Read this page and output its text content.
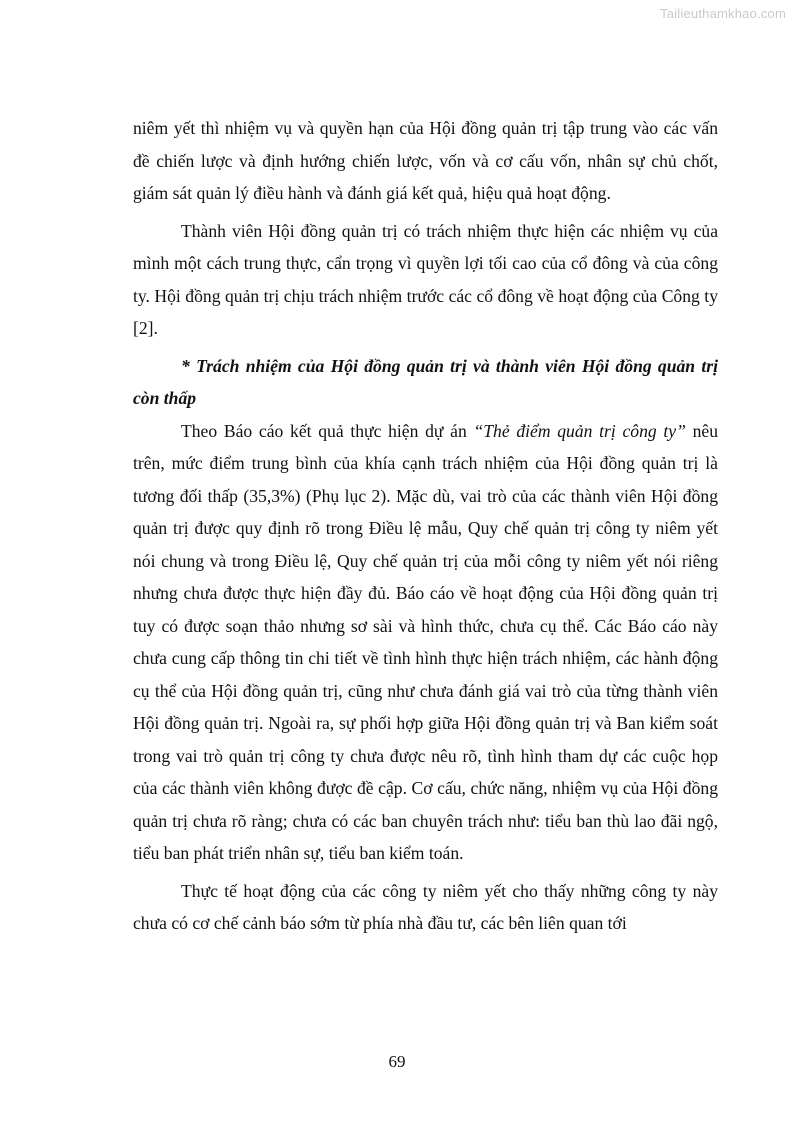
Tailieuthamkhao.com

niêm yết thì nhiệm vụ và quyền hạn của Hội đồng quản trị tập trung vào các vấn đề chiến lược và định hướng chiến lược, vốn và cơ cấu vốn, nhân sự chủ chốt, giám sát quản lý điều hành và đánh giá kết quả, hiệu quả hoạt động.

Thành viên Hội đồng quản trị có trách nhiệm thực hiện các nhiệm vụ của mình một cách trung thực, cẩn trọng vì quyền lợi tối cao của cổ đông và của công ty. Hội đồng quản trị chịu trách nhiệm trước các cổ đông về hoạt động của Công ty [2].

* Trách nhiệm của Hội đồng quản trị và thành viên Hội đồng quản trị còn thấp

Theo Báo cáo kết quả thực hiện dự án “Thẻ điểm quản trị công ty” nêu trên, mức điểm trung bình của khía cạnh trách nhiệm của Hội đồng quản trị là tương đối thấp (35,3%) (Phụ lục 2). Mặc dù, vai trò của các thành viên Hội đồng quản trị được quy định rõ trong Điều lệ mẫu, Quy chế quản trị công ty niêm yết nói chung và trong Điều lệ, Quy chế quản trị của mỗi công ty niêm yết nói riêng nhưng chưa được thực hiện đầy đủ. Báo cáo về hoạt động của Hội đồng quản trị tuy có được soạn thảo nhưng sơ sài và hình thức, chưa cụ thể. Các Báo cáo này chưa cung cấp thông tin chi tiết về tình hình thực hiện trách nhiệm, các hành động cụ thể của Hội đồng quản trị, cũng như chưa đánh giá vai trò của từng thành viên Hội đồng quản trị. Ngoài ra, sự phối hợp giữa Hội đồng quản trị và Ban kiểm soát trong vai trò quản trị công ty chưa được nêu rõ, tình hình tham dự các cuộc họp của các thành viên không được đề cập. Cơ cấu, chức năng, nhiệm vụ của Hội đồng quản trị chưa rõ ràng; chưa có các ban chuyên trách như: tiểu ban thù lao đãi ngộ, tiểu ban phát triển nhân sự, tiểu ban kiểm toán.

Thực tế hoạt động của các công ty niêm yết cho thấy những công ty này chưa có cơ chế cảnh báo sớm từ phía nhà đầu tư, các bên liên quan tới

69
